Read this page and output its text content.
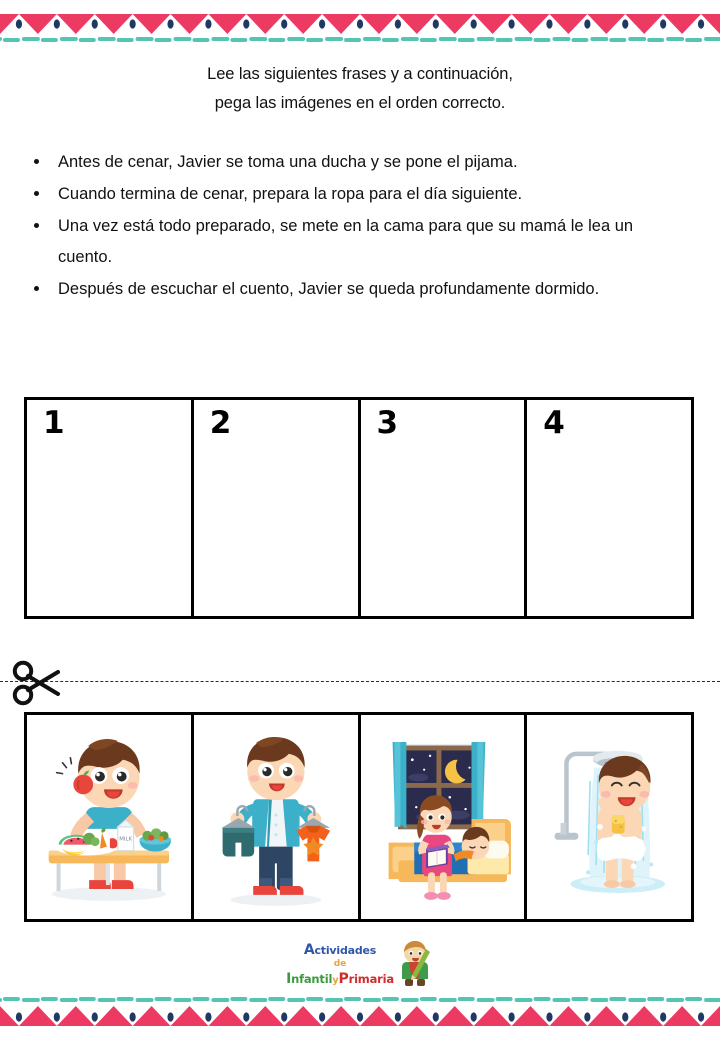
Lee las siguientes frases y a continuación,
pega las imágenes en el orden correcto.
Antes de cenar, Javier se toma una ducha y se pone el pijama.
Cuando termina de cenar, prepara la ropa para el día siguiente.
Una vez está todo preparado, se mete en la cama para que su mamá le lea un cuento.
Después de escuchar el cuento, Javier se queda profundamente dormido.
1	2	3	4
MILK
Actividades
de
InfantilyPrimaria
